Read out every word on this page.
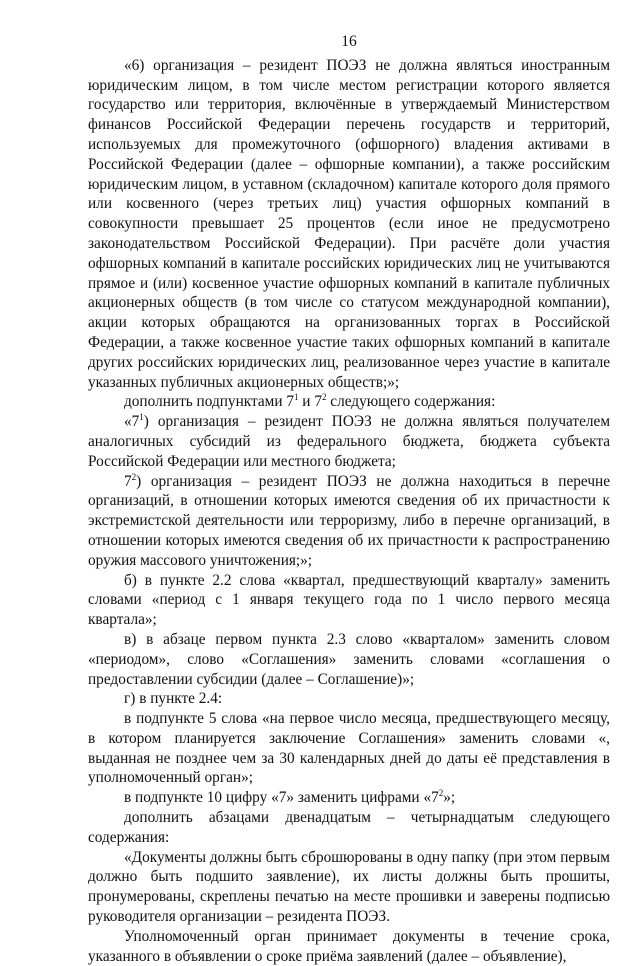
16

«6) организация – резидент ПОЭЗ не должна являться иностранным юридическим лицом, в том числе местом регистрации которого является государство или территория, включённые в утверждаемый Министерством финансов Российской Федерации перечень государств и территорий, используемых для промежуточного (офшорного) владения активами в Российской Федерации (далее – офшорные компании), а также российским юридическим лицом, в уставном (складочном) капитале которого доля прямого или косвенного (через третьих лиц) участия офшорных компаний в совокупности превышает 25 процентов (если иное не предусмотрено законодательством Российской Федерации). При расчёте доли участия офшорных компаний в капитале российских юридических лиц не учитываются прямое и (или) косвенное участие офшорных компаний в капитале публичных акционерных обществ (в том числе со статусом международной компании), акции которых обращаются на организованных торгах в Российской Федерации, а также косвенное участие таких офшорных компаний в капитале других российских юридических лиц, реализованное через участие в капитале указанных публичных акционерных обществ;»;

дополнить подпунктами $7^1$ и $7^2$ следующего содержания:

«$7^1$) организация – резидент ПОЭЗ не должна являться получателем аналогичных субсидий из федерального бюджета, бюджета субъекта Российской Федерации или местного бюджета;

$7^2$) организация – резидент ПОЭЗ не должна находиться в перечне организаций, в отношении которых имеются сведения об их причастности к экстремистской деятельности или терроризму, либо в перечне организаций, в отношении которых имеются сведения об их причастности к распространению оружия массового уничтожения;»;

б) в пункте 2.2 слова «квартал, предшествующий кварталу» заменить словами «период с 1 января текущего года по 1 число первого месяца квартала»;

в) в абзаце первом пункта 2.3 слово «кварталом» заменить словом «периодом», слово «Соглашения» заменить словами «соглашения о предоставлении субсидии (далее – Соглашение)»;

г) в пункте 2.4:

в подпункте 5 слова «на первое число месяца, предшествующего месяцу, в котором планируется заключение Соглашения» заменить словами «, выданная не позднее чем за 30 календарных дней до даты её представления в уполномоченный орган»;

в подпункте 10 цифру «7» заменить цифрами «$7^2$»;

дополнить абзацами двенадцатым – четырнадцатым следующего содержания:

«Документы должны быть сброшюрованы в одну папку (при этом первым должно быть подшито заявление), их листы должны быть прошиты, пронумерованы, скреплены печатью на месте прошивки и заверены подписью руководителя организации – резидента ПОЭЗ.

Уполномоченный орган принимает документы в течение срока, указанного в объявлении о сроке приёма заявлений (далее – объявление),
